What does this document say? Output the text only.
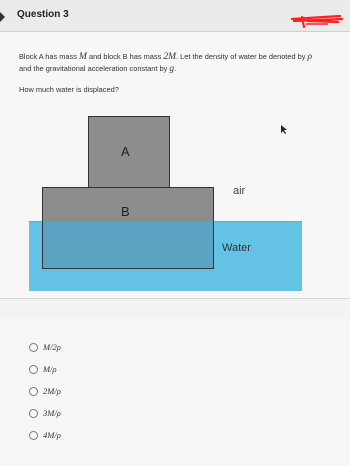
Question 3
Block A has mass M and block B has mass 2M. Let the density of water be denoted by ρ
and the gravitational acceleration constant by g.
How much water is displaced?
A
B
air
Water
M/2ρ
M/ρ
2M/ρ
3M/ρ
4M/ρ
